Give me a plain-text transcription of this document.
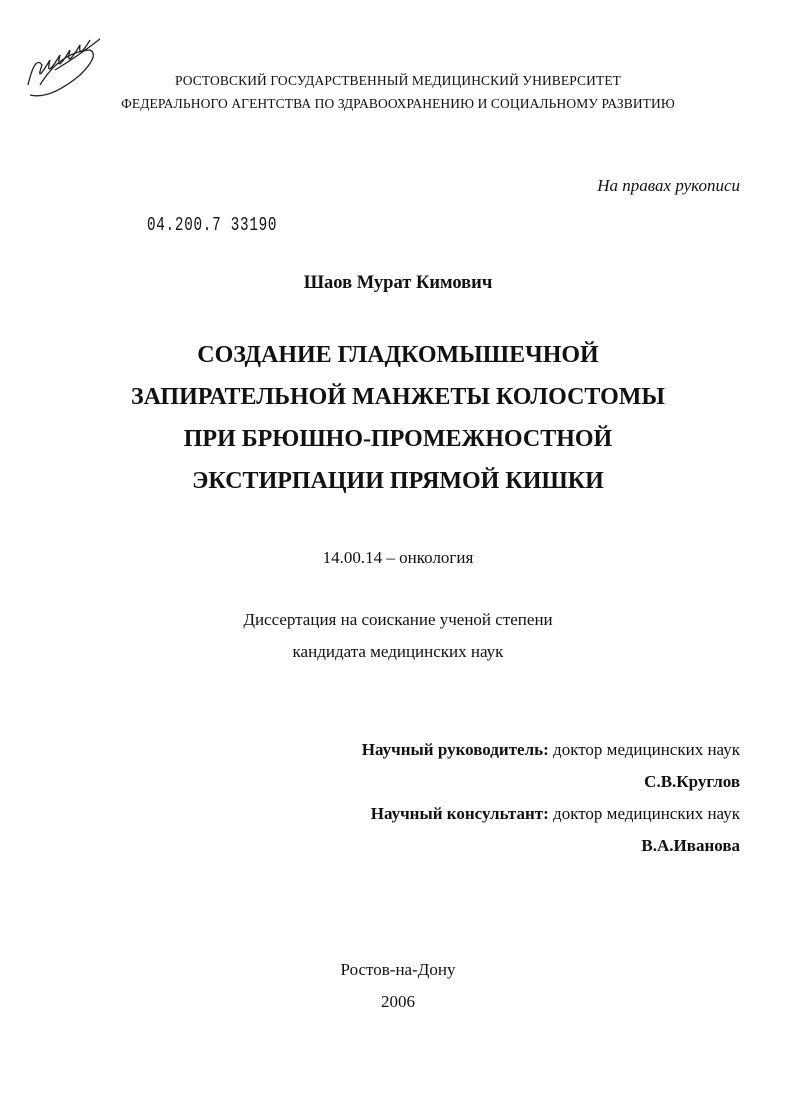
РОСТОВСКИЙ ГОСУДАРСТВЕННЫЙ МЕДИЦИНСКИЙ УНИВЕРСИТЕТ
ФЕДЕРАЛЬНОГО АГЕНТСТВА ПО ЗДРАВООХРАНЕНИЮ И СОЦИАЛЬНОМУ РАЗВИТИЮ
На правах рукописи
04.200.7 33190
Шаов Мурат Кимович
СОЗДАНИЕ ГЛАДКОМЫШЕЧНОЙ
ЗАПИРАТЕЛЬНОЙ МАНЖЕТЫ КОЛОСТОМЫ
ПРИ БРЮШНО-ПРОМЕЖНОСТНОЙ
ЭКСТИРПАЦИИ ПРЯМОЙ КИШКИ
14.00.14 – онкология
Диссертация на соискание ученой степени
кандидата медицинских наук
Научный руководитель: доктор медицинских наук
С.В.Круглов
Научный консультант: доктор медицинских наук
В.А.Иванова
Ростов-на-Дону
2006
